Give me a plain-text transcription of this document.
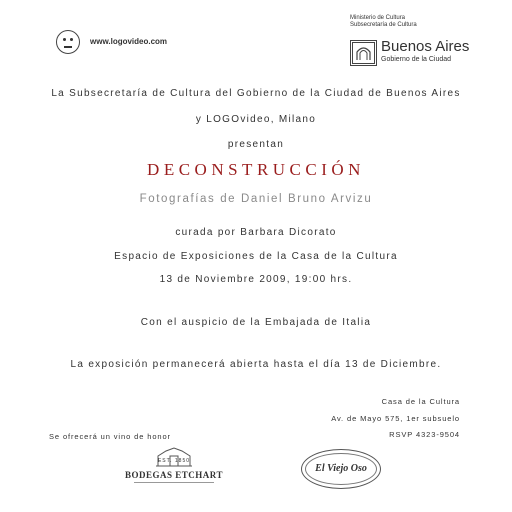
www.logovideo.com
Ministerio de Cultura
Subsecretaría de Cultura
Buenos Aires
Gobierno de la Ciudad
La Subsecretaría de Cultura del Gobierno de la Ciudad de Buenos Aires
y LOGOvideo, Milano
presentan
DECONSTRUCCIÓN
Fotografías de Daniel Bruno Arvizu
curada por Barbara Dicorato
Espacio de Exposiciones de la Casa de la Cultura
13 de Noviembre 2009, 19:00 hrs.
Con el auspicio de la Embajada de Italia
La exposición permanecerá abierta hasta el día 13 de Diciembre.
Casa de la Cultura
Av. de Mayo 575, 1er subsuelo
RSVP 4323-9504
Se ofrecerá un vino de honor
EST. 1850
BODEGAS ETCHART
El Viejo Oso
